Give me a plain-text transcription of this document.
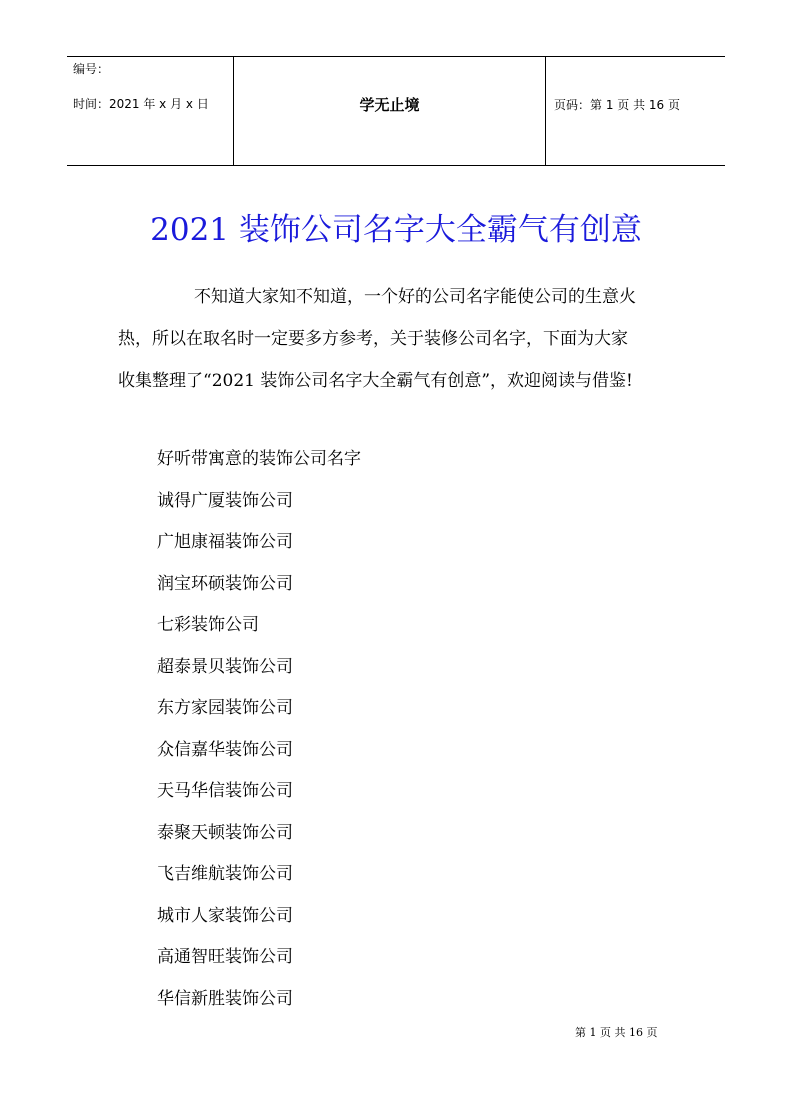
编号：
时间：2021 年 x 月 x 日	学无止境	页码：第 1 页 共 16 页
2021 装饰公司名字大全霸气有创意
不知道大家知不知道，一个好的公司名字能使公司的生意火
热，所以在取名时一定要多方参考，关于装修公司名字，下面为大家
收集整理了“2021 装饰公司名字大全霸气有创意”，欢迎阅读与借鉴!
好听带寓意的装饰公司名字
诚得广厦装饰公司
广旭康福装饰公司
润宝环硕装饰公司
七彩装饰公司
超泰景贝装饰公司
东方家园装饰公司
众信嘉华装饰公司
天马华信装饰公司
泰聚天顿装饰公司
飞吉维航装饰公司
城市人家装饰公司
高通智旺装饰公司
华信新胜装饰公司
第 1 页 共 16 页
